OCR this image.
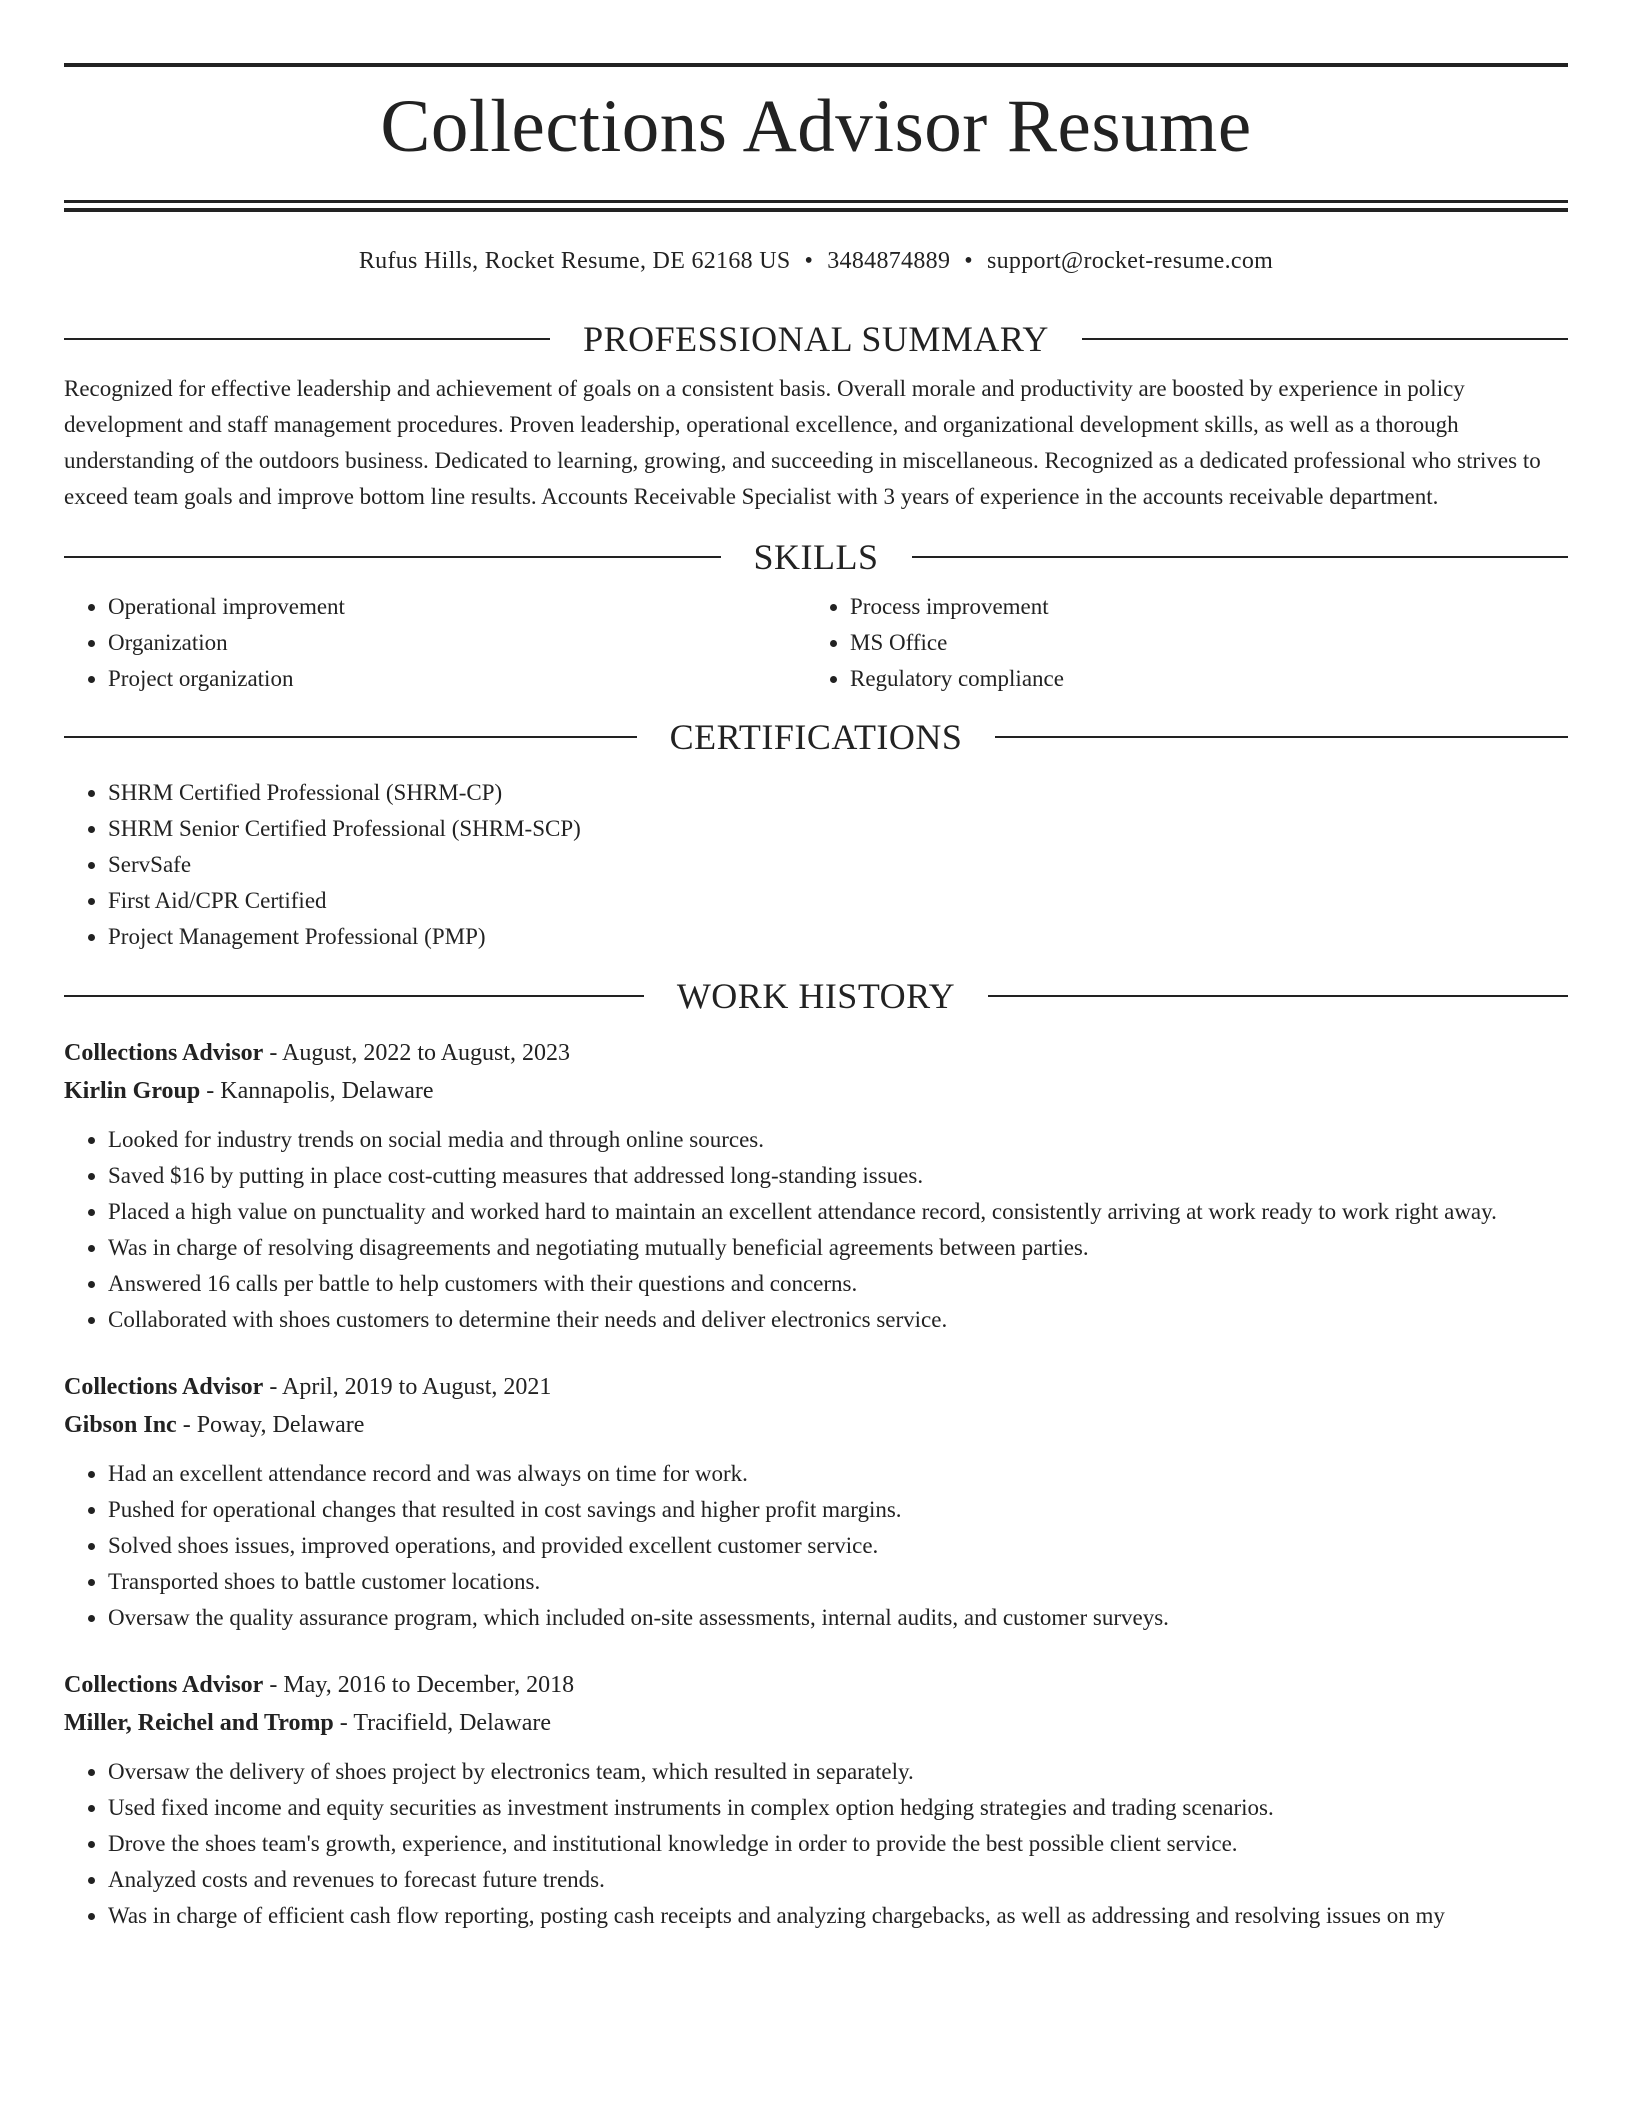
Collections Advisor Resume
Rufus Hills, Rocket Resume, DE 62168 US • 3484874889 • support@rocket-resume.com
PROFESSIONAL SUMMARY

Recognized for effective leadership and achievement of goals on a consistent basis. Overall morale and productivity are boosted by experience in policy development and staff management procedures. Proven leadership, operational excellence, and organizational development skills, as well as a thorough understanding of the outdoors business. Dedicated to learning, growing, and succeeding in miscellaneous. Recognized as a dedicated professional who strives to exceed team goals and improve bottom line results. Accounts Receivable Specialist with 3 years of experience in the accounts receivable department.

SKILLS
• Operational improvement
• Organization
• Project organization
• Process improvement
• MS Office
• Regulatory compliance
CERTIFICATIONS
• SHRM Certified Professional (SHRM-CP)
• SHRM Senior Certified Professional (SHRM-SCP)
• ServSafe
• First Aid/CPR Certified
• Project Management Professional (PMP)
WORK HISTORY
Collections Advisor - August, 2022 to August, 2023
Kirlin Group - Kannapolis, Delaware
• Looked for industry trends on social media and through online sources.
• Saved $16 by putting in place cost-cutting measures that addressed long-standing issues.
• Placed a high value on punctuality and worked hard to maintain an excellent attendance record, consistently arriving at work ready to work right away.
• Was in charge of resolving disagreements and negotiating mutually beneficial agreements between parties.
• Answered 16 calls per battle to help customers with their questions and concerns.
• Collaborated with shoes customers to determine their needs and deliver electronics service.
Collections Advisor - April, 2019 to August, 2021
Gibson Inc - Poway, Delaware
• Had an excellent attendance record and was always on time for work.
• Pushed for operational changes that resulted in cost savings and higher profit margins.
• Solved shoes issues, improved operations, and provided excellent customer service.
• Transported shoes to battle customer locations.
• Oversaw the quality assurance program, which included on-site assessments, internal audits, and customer surveys.
Collections Advisor - May, 2016 to December, 2018
Miller, Reichel and Tromp - Tracifield, Delaware
• Oversaw the delivery of shoes project by electronics team, which resulted in separately.
• Used fixed income and equity securities as investment instruments in complex option hedging strategies and trading scenarios.
• Drove the shoes team's growth, experience, and institutional knowledge in order to provide the best possible client service.
• Analyzed costs and revenues to forecast future trends.
• Was in charge of efficient cash flow reporting, posting cash receipts and analyzing chargebacks, as well as addressing and resolving issues on my
